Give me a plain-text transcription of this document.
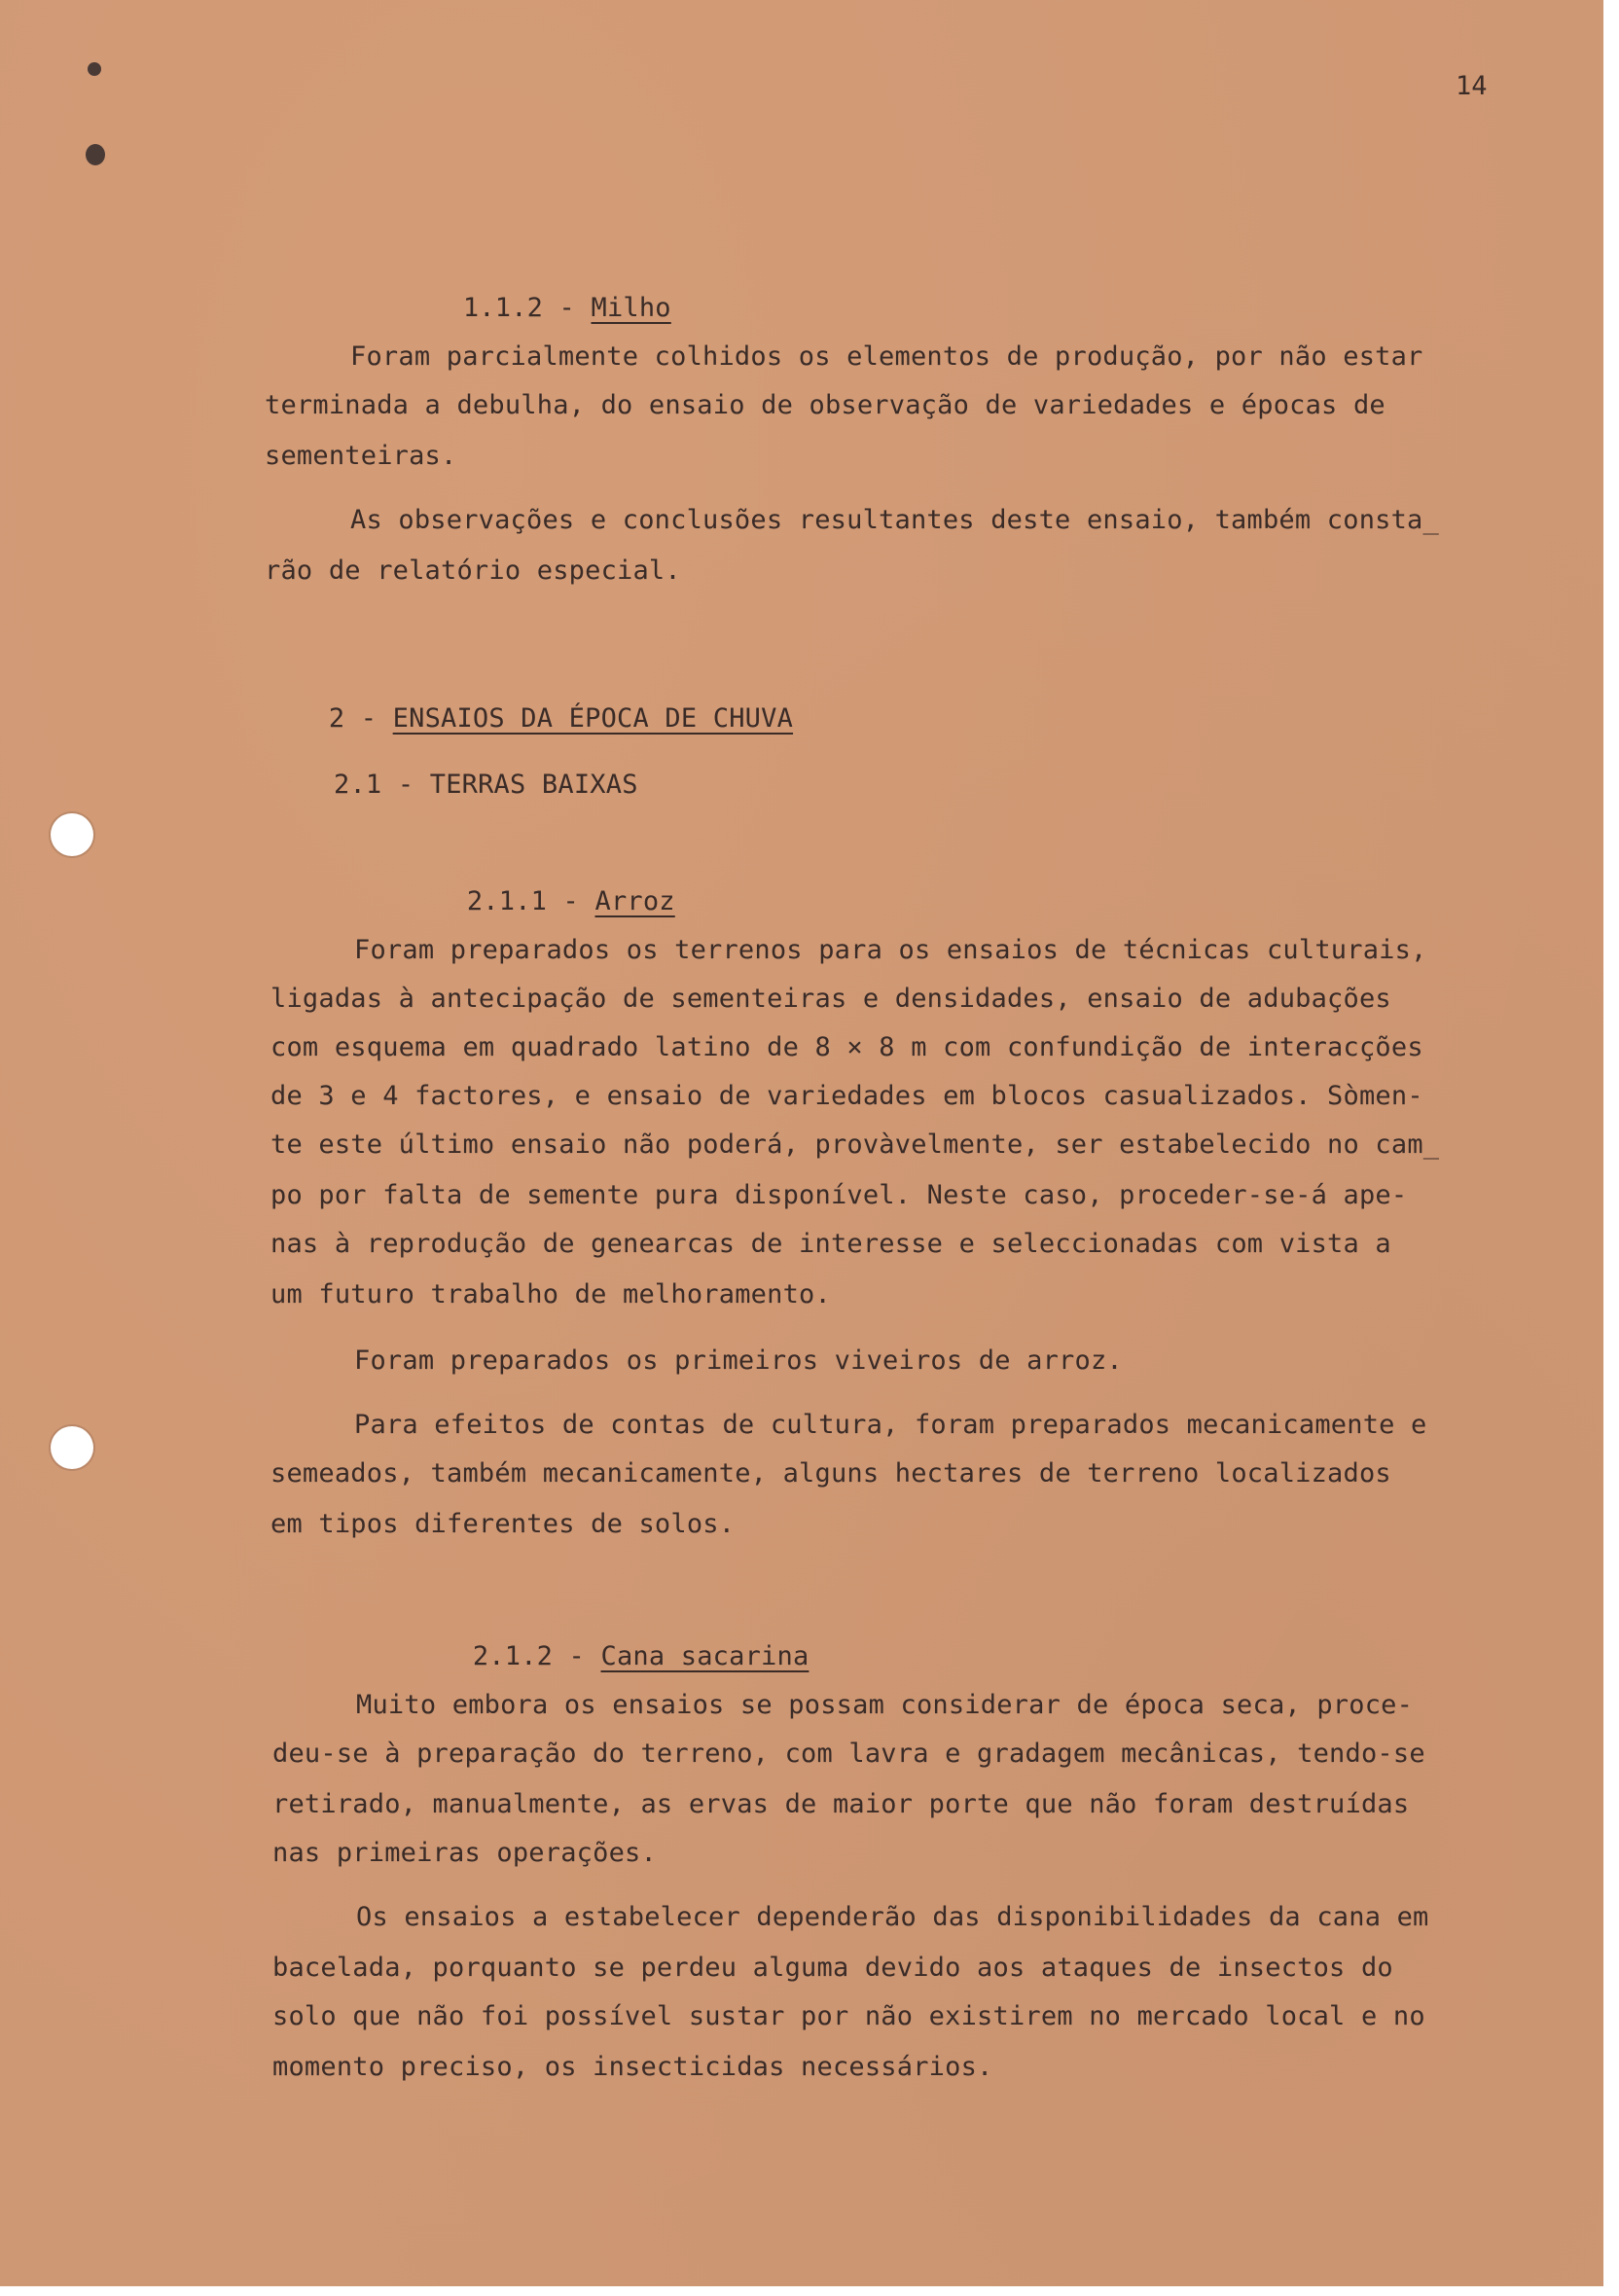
14

1.1.2 - Milho

Foram parcialmente colhidos os elementos de produção, por não estar
terminada a debulha, do ensaio de observação de variedades e épocas de
sementeiras.
As observações e conclusões resultantes deste ensaio, também consta_
rão de relatório especial.

2 - ENSAIOS DA ÉPOCA DE CHUVA

2.1 - TERRAS BAIXAS

2.1.1 - Arroz

Foram preparados os terrenos para os ensaios de técnicas culturais,
ligadas à antecipação de sementeiras e densidades, ensaio de adubações
com esquema em quadrado latino de 8 × 8 m com confundição de interacções
de 3 e 4 factores, e ensaio de variedades em blocos casualizados. Sòmen-
te este último ensaio não poderá, provàvelmente, ser estabelecido no cam_
po por falta de semente pura disponível. Neste caso, proceder-se-á ape-
nas à reprodução de genearcas de interesse e seleccionadas com vista a
um futuro trabalho de melhoramento.
Foram preparados os primeiros viveiros de arroz.
Para efeitos de contas de cultura, foram preparados mecanicamente e
semeados, também mecanicamente, alguns hectares de terreno localizados
em tipos diferentes de solos.

2.1.2 - Cana sacarina

Muito embora os ensaios se possam considerar de época seca, proce-
deu-se à preparação do terreno, com lavra e gradagem mecânicas, tendo-se
retirado, manualmente, as ervas de maior porte que não foram destruídas
nas primeiras operações.
Os ensaios a estabelecer dependerão das disponibilidades da cana em
bacelada, porquanto se perdeu alguma devido aos ataques de insectos do
solo que não foi possível sustar por não existirem no mercado local e no
momento preciso, os insecticidas necessários.
